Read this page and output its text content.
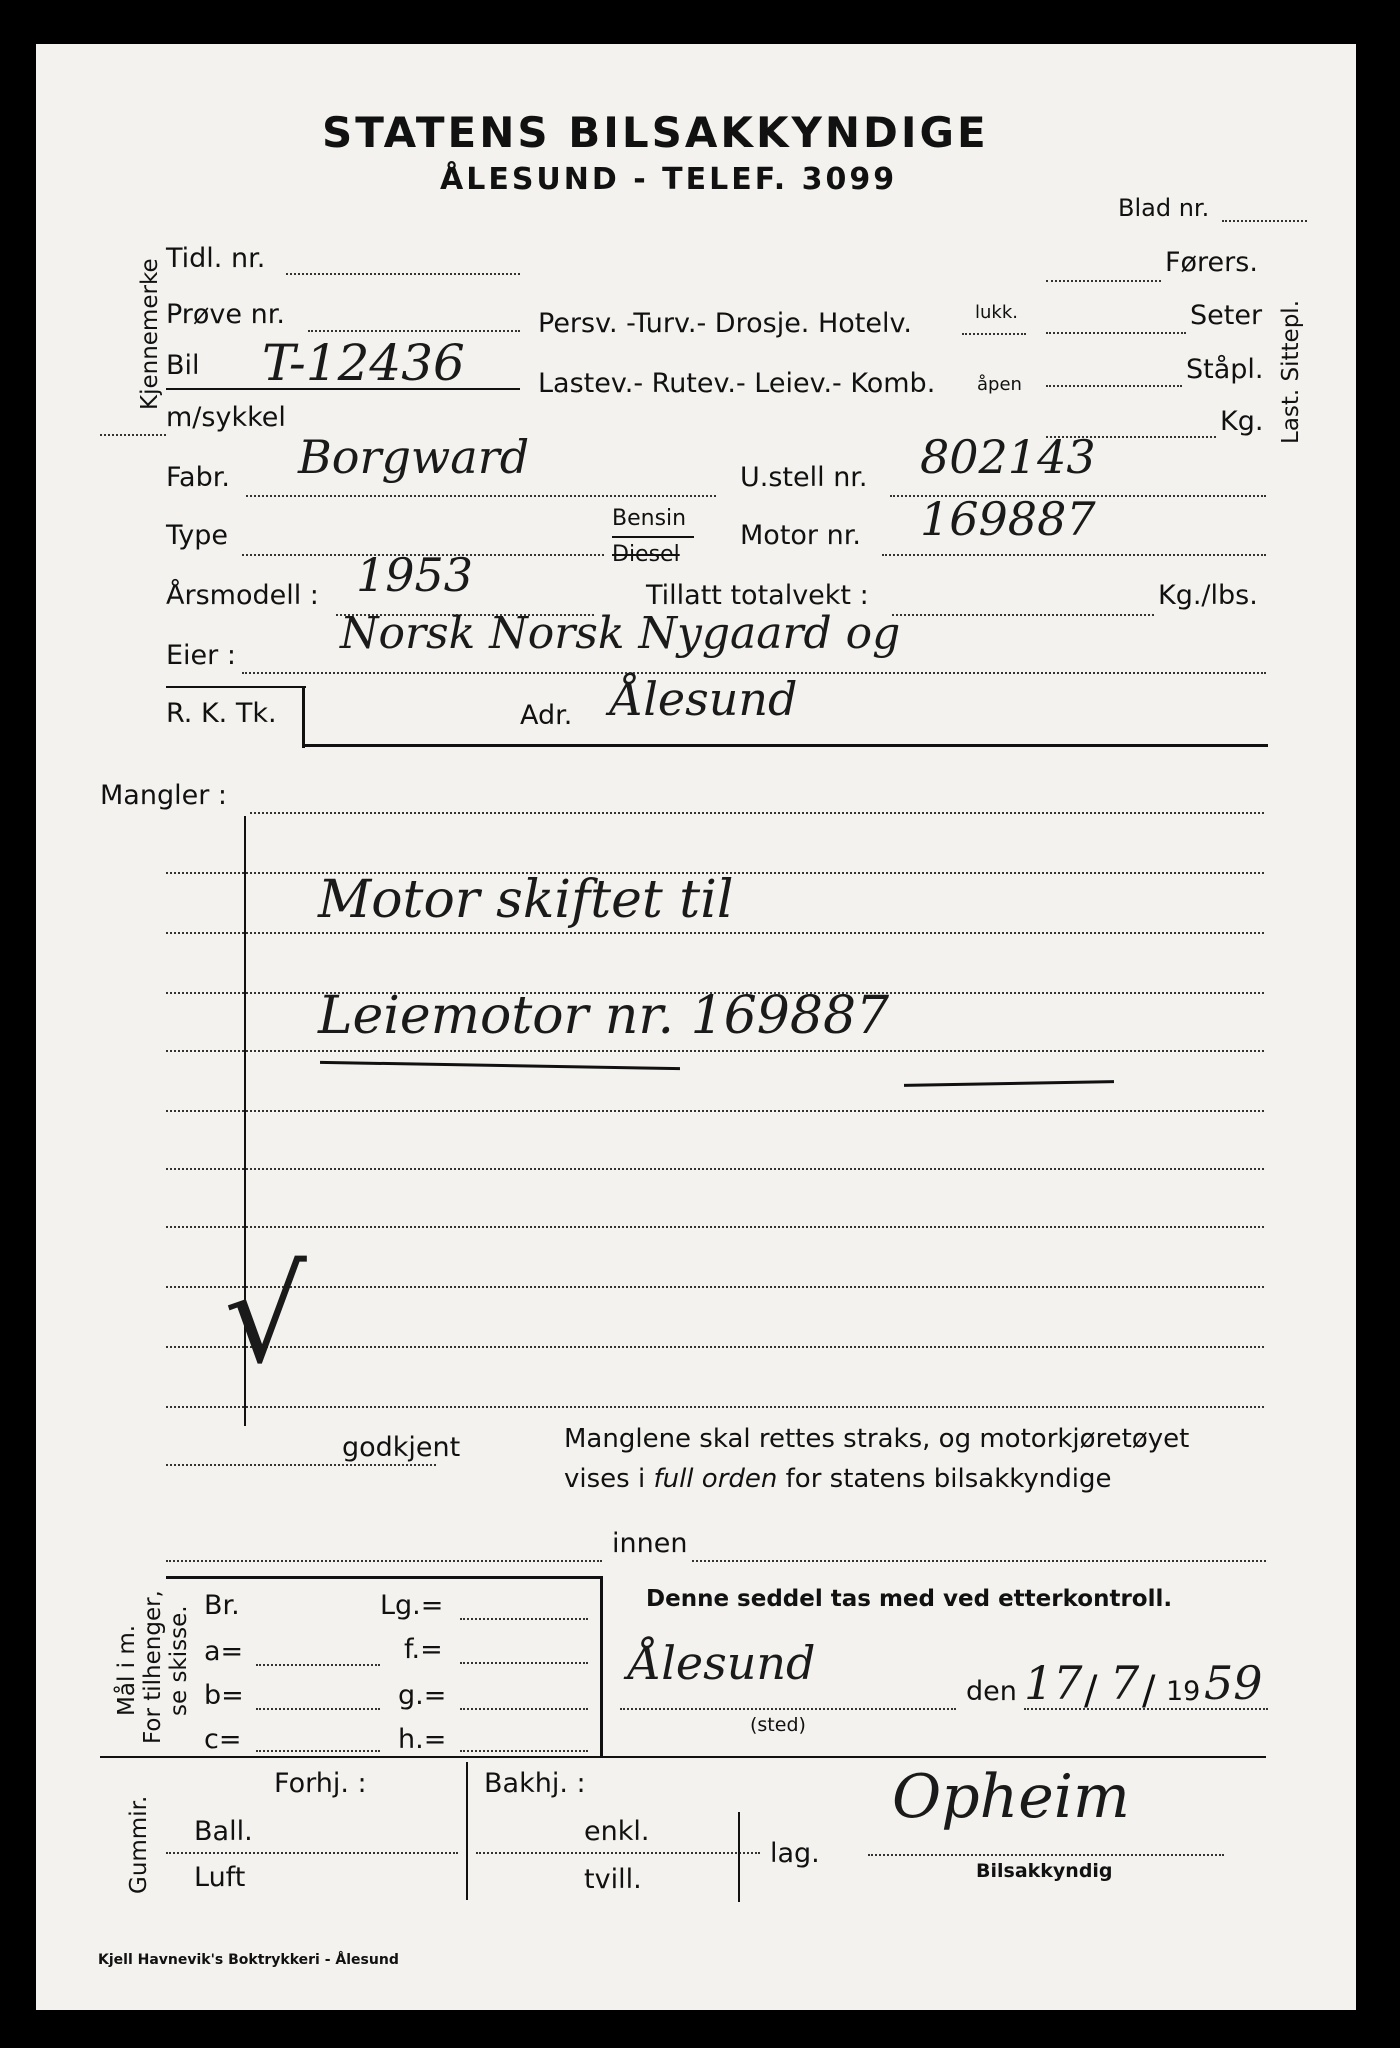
STATENS BILSAKKYNDIGE
ÅLESUND - TELEF. 3099
Blad nr.
Kjennemerke	Last. Sittepl.
Tidl. nr.
Prøve nr.
Bil T-12436
m/sykkel
Persv. -Turv.- Drosje. Hotelv.	lukk.
Lastev.- Rutev.- Leiev.- Komb. åpen
Førers.
Seter
Ståpl.
Kg.
Fabr. Borgward	U.stell nr. 802143
Type
Bensin
Diesel
Motor nr. 169887
Årsmodell : 1953	Tillatt totalvekt :	Kg./lbs.
Eier : Norsk Norsk Nygaard og
R. K. Tk.	Adr. Ålesund
Mangler :
Motor skiftet til
Leiemotor nr. 169887
√
godkjent	Manglene skal rettes straks, og motorkjøretøyet
vises i full orden for statens bilsakkyndige
innen
Mål i m. For tilhenger, se skisse. Br.
a=
b=
c=
Lg.=
f.=
g.=
h.=
Denne seddel tas med ved etterkontroll.
Ålesund
(sted)
den 17 / 7 / 19 59
Gummir.
Forhj. :	Bakhj. :
Ball.
Luft
enkl.
tvill.
lag.
Opheim
Bilsakkyndig
Kjell Havnevik's Boktrykkeri - Ålesund
